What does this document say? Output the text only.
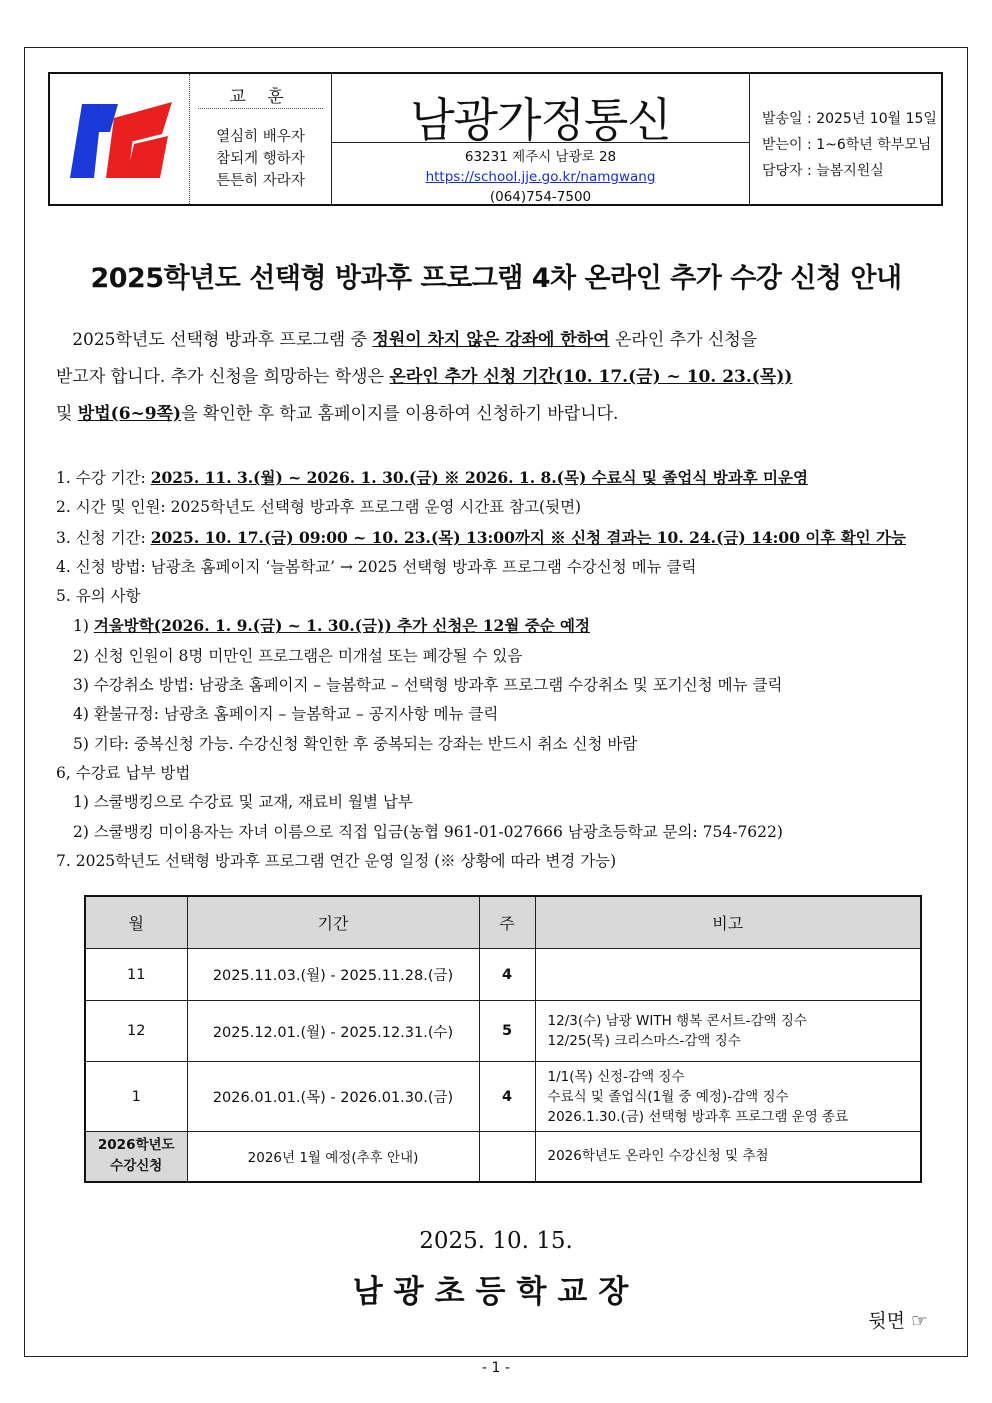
교 훈
열심히 배우자
참되게 행하자
튼튼히 자라자
남광가정통신
63231 제주시 남광로 28
https://school.jje.go.kr/namgwang
(064)754-7500
발송일 : 2025년 10월 15일
받는이 : 1~6학년 학부모님
담당자 : 늘봄지원실
2025학년도 선택형 방과후 프로그램 4차 온라인 추가 수강 신청 안내

2025학년도 선택형 방과후 프로그램 중 정원이 차지 않은 강좌에 한하여 온라인 추가 신청을

받고자 합니다. 추가 신청을 희망하는 학생은 온라인 추가 신청 기간(10. 17.(금) ~ 10. 23.(목))

및 방법(6~9쪽)을 확인한 후 학교 홈페이지를 이용하여 신청하기 바랍니다.

1. 수강 기간: 2025. 11. 3.(월) ~ 2026. 1. 30.(금) ※ 2026. 1. 8.(목) 수료식 및 졸업식 방과후 미운영
2. 시간 및 인원: 2025학년도 선택형 방과후 프로그램 운영 시간표 참고(뒷면)
3. 신청 기간: 2025. 10. 17.(금) 09:00 ~ 10. 23.(목) 13:00까지 ※ 신청 결과는 10. 24.(금) 14:00 이후 확인 가능
4. 신청 방법: 남광초 홈페이지 ‘늘봄학교’ → 2025 선택형 방과후 프로그램 수강신청 메뉴 클릭
5. 유의 사항
1) 겨울방학(2026. 1. 9.(금) ~ 1. 30.(금)) 추가 신청은 12월 중순 예정
2) 신청 인원이 8명 미만인 프로그램은 미개설 또는 폐강될 수 있음
3) 수강취소 방법: 남광초 홈페이지 – 늘봄학교 – 선택형 방과후 프로그램 수강취소 및 포기신청 메뉴 클릭
4) 환불규정: 남광초 홈페이지 – 늘봄학교 – 공지사항 메뉴 클릭
5) 기타: 중복신청 가능. 수강신청 확인한 후 중복되는 강좌는 반드시 취소 신청 바람
6, 수강료 납부 방법
1) 스쿨뱅킹으로 수강료 및 교재, 재료비 월별 납부
2) 스쿨뱅킹 미이용자는 자녀 이름으로 직접 입금(농협 961-01-027666 남광초등학교 문의: 754-7622)
7. 2025학년도 선택형 방과후 프로그램 연간 운영 일정 (※ 상황에 따라 변경 가능)
월	기간	주	비고
11	2025.11.03.(월) - 2025.11.28.(금)	4	
12	2025.12.01.(월) - 2025.12.31.(수)	5	12/3(수) 남광 WITH 행복 콘서트-감액 징수
12/25(목) 크리스마스-감액 징수
1	2026.01.01.(목) - 2026.01.30.(금)	4	1/1(목) 신정-감액 징수
수료식 및 졸업식(1월 중 예정)-감액 징수
2026.1.30.(금) 선택형 방과후 프로그램 운영 종료
2026학년도
수강신청	2026년 1월 예정(추후 안내)		2026학년도 온라인 수강신청 및 추첨
2025. 10. 15.
남광초등학교장
뒷면 ☞
- 1 -
